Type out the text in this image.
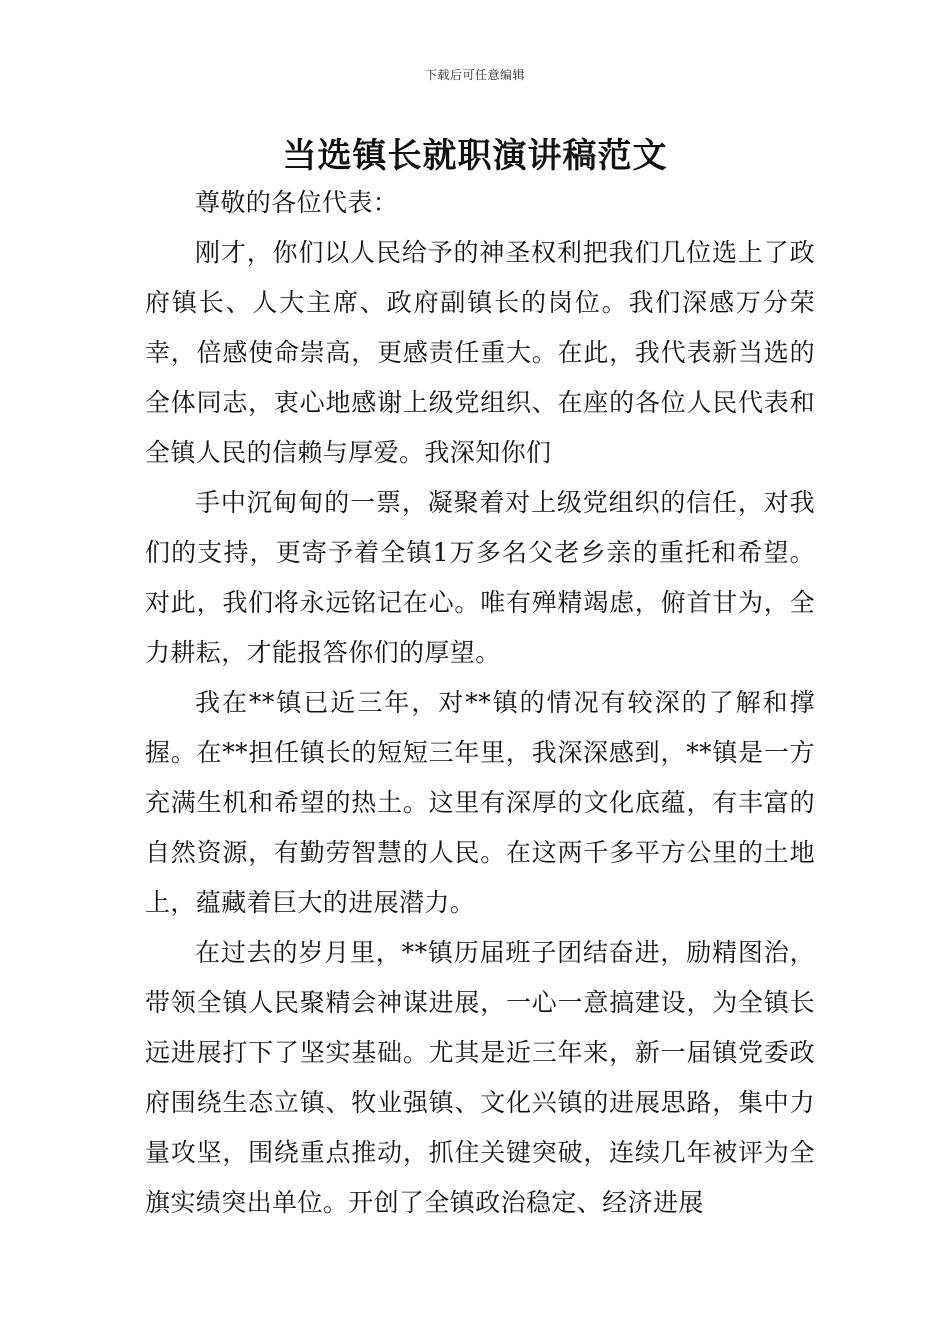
下载后可任意编辑
当选镇长就职演讲稿范文

尊敬的各位代表：

刚才，你们以人民给予的神圣权利把我们几位选上了政府镇长、人大主席、政府副镇长的岗位。我们深感万分荣幸，倍感使命崇高，更感责任重大。在此，我代表新当选的全体同志，衷心地感谢上级党组织、在座的各位人民代表和全镇人民的信赖与厚爱。我深知你们

手中沉甸甸的一票，凝聚着对上级党组织的信任，对我们的支持，更寄予着全镇1万多名父老乡亲的重托和希望。对此，我们将永远铭记在心。唯有殚精竭虑，俯首甘为，全力耕耘，才能报答你们的厚望。

我在**镇已近三年，对**镇的情况有较深的了解和撑握。在**担任镇长的短短三年里，我深深感到，**镇是一方充满生机和希望的热土。这里有深厚的文化底蕴，有丰富的自然资源，有勤劳智慧的人民。在这两千多平方公里的土地上，蕴藏着巨大的进展潜力。

在过去的岁月里，**镇历届班子团结奋进，励精图治，带领全镇人民聚精会神谋进展，一心一意搞建设，为全镇长远进展打下了坚实基础。尤其是近三年来，新一届镇党委政府围绕生态立镇、牧业强镇、文化兴镇的进展思路，集中力量攻坚，围绕重点推动，抓住关键突破，连续几年被评为全旗实绩突出单位。开创了全镇政治稳定、经济进展
